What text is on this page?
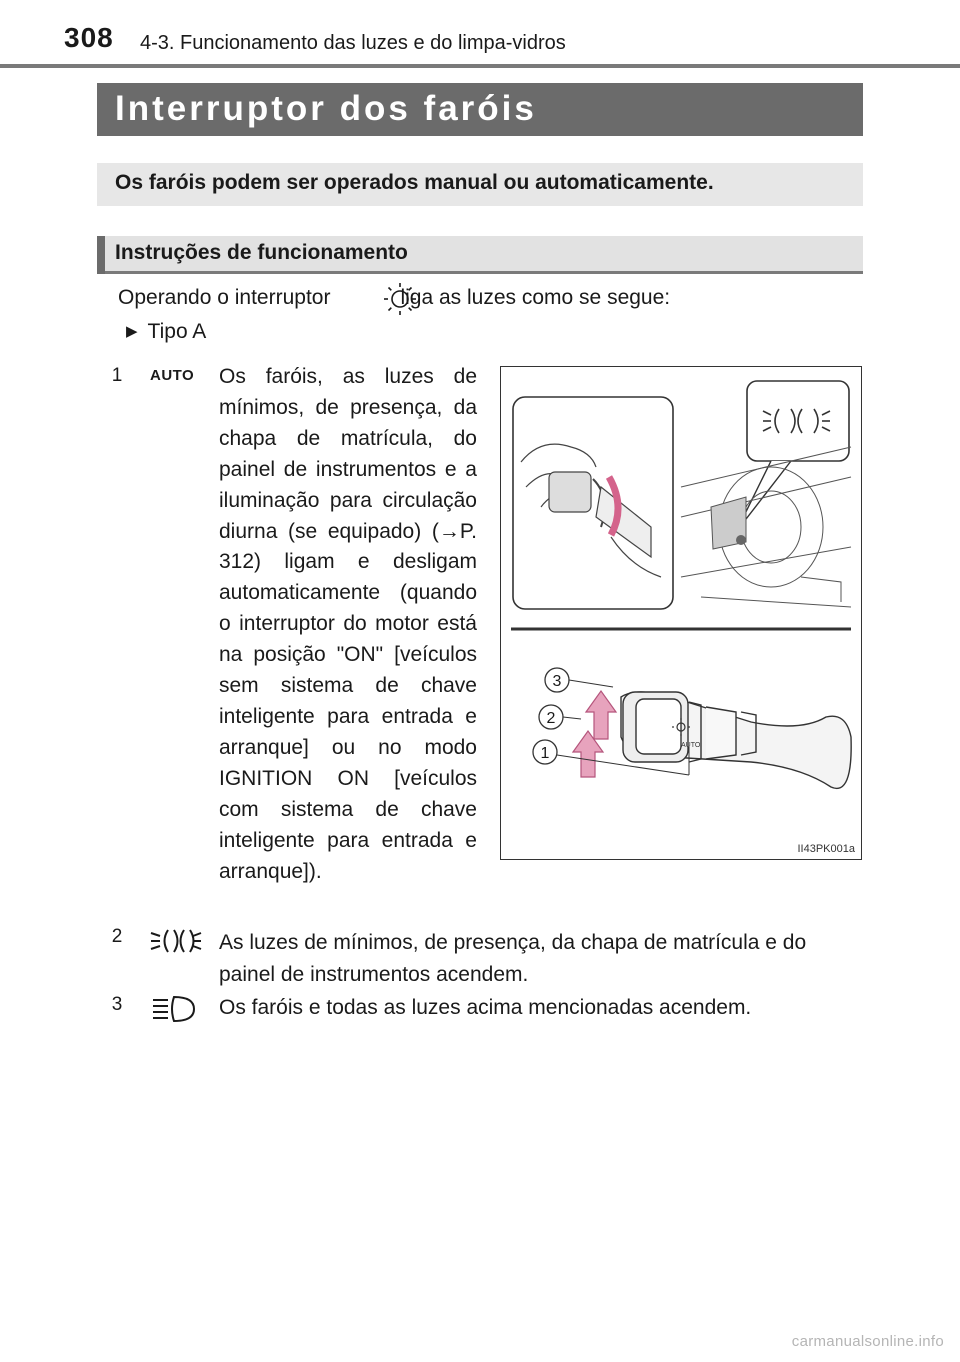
308 4-3. Funcionamento das luzes e do limpa-vidros
Interruptor dos faróis
Os faróis podem ser operados manual ou automaticamente.
Instruções de funcionamento
Operando o interruptor	liga as luzes como se segue:
▶ Tipo A
1	AUTO Os faróis, as luzes de mínimos, de presença, da chapa de matrícula, do painel de instrumentos e a iluminação para circulação diurna (se equipado) (→P. 312) ligam e desligam automaticamente (quando o interruptor do motor está na posição "ON" [veículos sem sistema de chave inteligente para entrada e arranque] ou no modo IGNITION ON [veículos com sistema de chave inteligente para entrada e arranque]).
AUTO
3
2
1
II43PK001a
2	As luzes de mínimos, de presença, da chapa de matrícula e do painel de instrumentos acendem.
3	Os faróis e todas as luzes acima mencionadas acendem.
carmanualsonline.info
